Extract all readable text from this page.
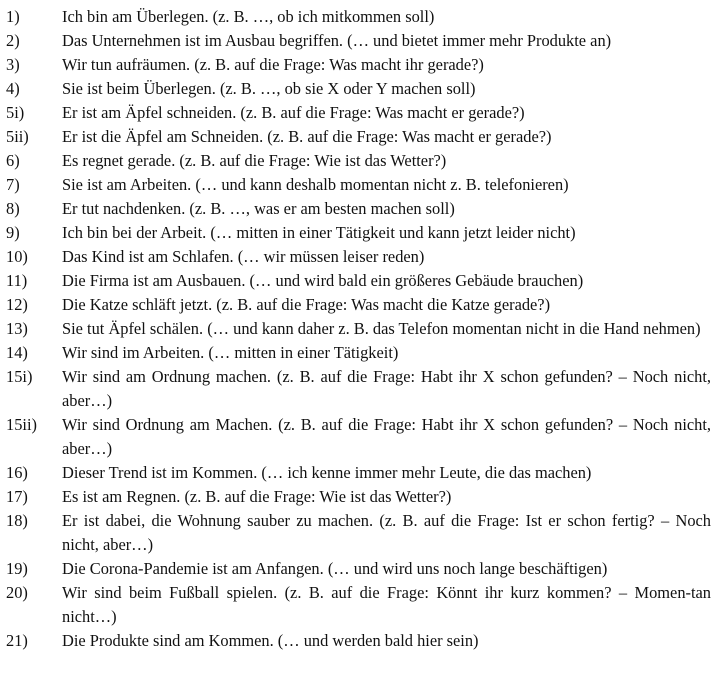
1)	Ich bin am Überlegen. (z. B. …, ob ich mitkommen soll)
2)	Das Unternehmen ist im Ausbau begriffen. (… und bietet immer mehr Produkte an)
3)	Wir tun aufräumen. (z. B. auf die Frage: Was macht ihr gerade?)
4)	Sie ist beim Überlegen. (z. B. …, ob sie X oder Y machen soll)
5i)	Er ist am Äpfel schneiden. (z. B. auf die Frage: Was macht er gerade?)
5ii)	Er ist die Äpfel am Schneiden. (z. B. auf die Frage: Was macht er gerade?)
6)	Es regnet gerade. (z. B. auf die Frage: Wie ist das Wetter?)
7)	Sie ist am Arbeiten. (… und kann deshalb momentan nicht z. B. telefonieren)
8)	Er tut nachdenken. (z. B. …, was er am besten machen soll)
9)	Ich bin bei der Arbeit. (… mitten in einer Tätigkeit und kann jetzt leider nicht)
10)	Das Kind ist am Schlafen. (… wir müssen leiser reden)
11)	Die Firma ist am Ausbauen. (… und wird bald ein größeres Gebäude brauchen)
12)	Die Katze schläft jetzt. (z. B. auf die Frage: Was macht die Katze gerade?)
13)	Sie tut Äpfel schälen. (… und kann daher z. B. das Telefon momentan nicht in die Hand nehmen)
14)	Wir sind im Arbeiten. (… mitten in einer Tätigkeit)
15i)	Wir sind am Ordnung machen. (z. B. auf die Frage: Habt ihr X schon gefunden? – Noch nicht, aber…)
15ii)	Wir sind Ordnung am Machen. (z. B. auf die Frage: Habt ihr X schon gefunden? – Noch nicht, aber…)
16)	Dieser Trend ist im Kommen. (… ich kenne immer mehr Leute, die das machen)
17)	Es ist am Regnen. (z. B. auf die Frage: Wie ist das Wetter?)
18)	Er ist dabei, die Wohnung sauber zu machen. (z. B. auf die Frage: Ist er schon fertig? – Noch nicht, aber…)
19)	Die Corona-Pandemie ist am Anfangen. (… und wird uns noch lange beschäftigen)
20)	Wir sind beim Fußball spielen. (z. B. auf die Frage: Könnt ihr kurz kommen? – Momen-tan nicht…)
21)	Die Produkte sind am Kommen. (… und werden bald hier sein)
